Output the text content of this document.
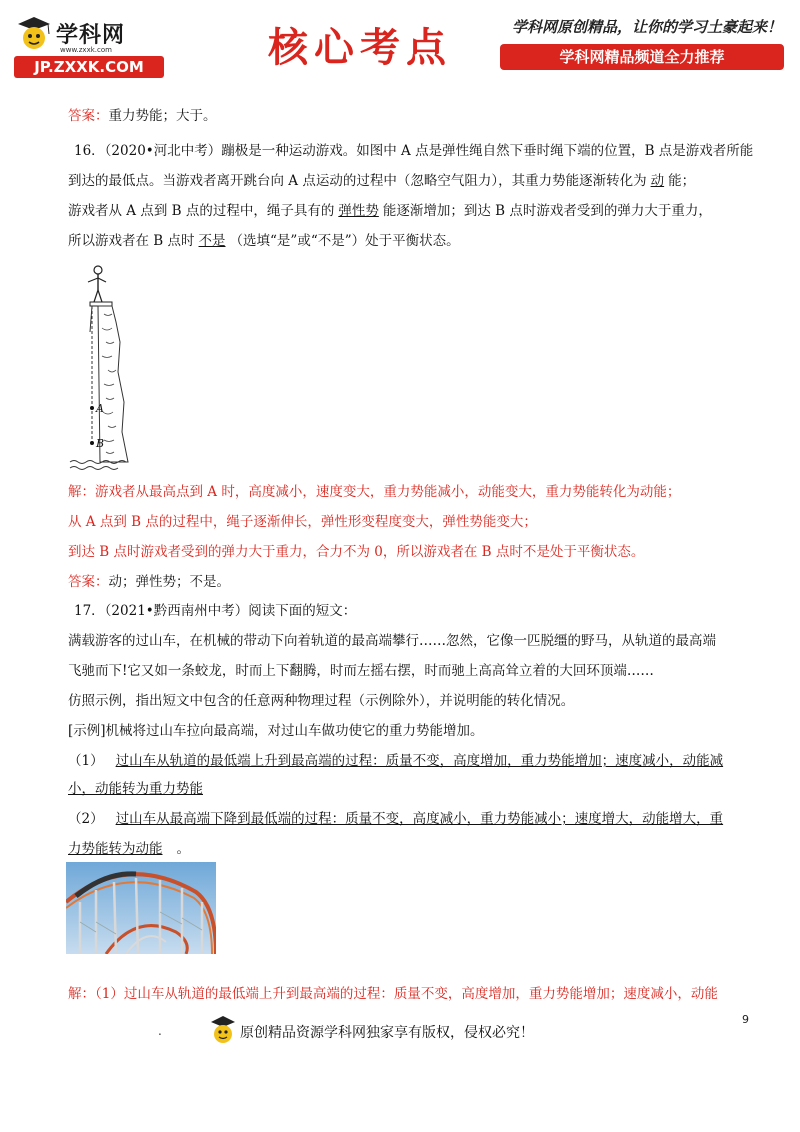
学科网
www.zxxk.com
JP.ZXXK.COM	核心考点	学科网原创精品，让你的学习土豪起来！
学科网精品频道全力推荐
答案：重力势能；大于。
16．（2020•河北中考）蹦极是一种运动游戏。如图中 A 点是弹性绳自然下垂时绳下端的位置，B 点是游戏者所能
到达的最低点。当游戏者离开跳台向 A 点运动的过程中（忽略空气阻力），其重力势能逐渐转化为 动 能；
游戏者从 A 点到 B 点的过程中，绳子具有的 弹性势 能逐渐增加；到达 B 点时游戏者受到的弹力大于重力，
所以游戏者在 B 点时 不是 （选填“是”或“不是”）处于平衡状态。
A
B
解：游戏者从最高点到 A 时，高度减小，速度变大，重力势能减小，动能变大，重力势能转化为动能；
从 A 点到 B 点的过程中，绳子逐渐伸长，弹性形变程度变大，弹性势能变大；
到达 B 点时游戏者受到的弹力大于重力，合力不为 0，所以游戏者在 B 点时不是处于平衡状态。
答案：动；弹性势；不是。
17．（2021•黔西南州中考）阅读下面的短文：
满载游客的过山车，在机械的带动下向着轨道的最高端攀行……忽然，它像一匹脱缰的野马，从轨道的最高端
飞驰而下!它又如一条蛟龙，时而上下翻腾，时而左摇右摆，时而驰上高高耸立着的大回环顶端……
仿照示例，指出短文中包含的任意两种物理过程（示例除外），并说明能的转化情况。
[示例]机械将过山车拉向最高端，对过山车做功使它的重力势能增加。
（1） 过山车从轨道的最低端上升到最高端的过程：质量不变，高度增加，重力势能增加；速度减小，动能减
小，动能转为重力势能
（2） 过山车从最高端下降到最低端的过程：质量不变，高度减小，重力势能减小；速度增大，动能增大，重
力势能转为动能 。
解：（1）过山车从轨道的最低端上升到最高端的过程：质量不变，高度增加，重力势能增加；速度减小，动能
9
.	原创精品资源学科网独家享有版权，侵权必究！
